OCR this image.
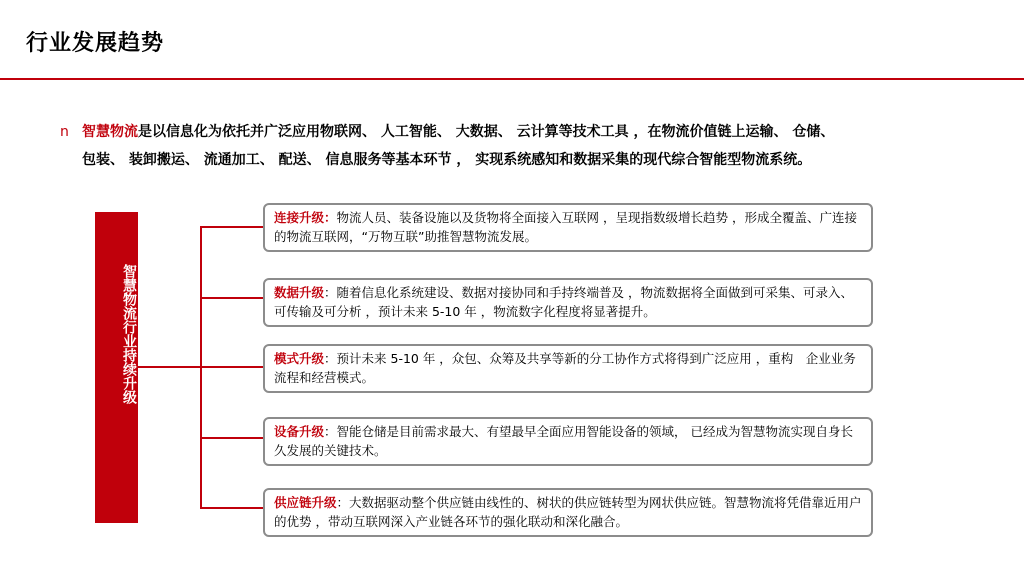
行业发展趋势
n 智慧物流是以信息化为依托并广泛应用物联网、 人工智能、 大数据、 云计算等技术工具 ，在物流价值链上运输、 仓储、
包装、 装卸搬运、 流通加工、 配送、 信息服务等基本环节 ， 实现系统感知和数据采集的现代综合智能型物流系统。
智慧物流行业持续升级
连接升级：物流人员、装备设施以及货物将全面接入互联网 ，呈现指数级增长趋势 ，形成全覆盖、广连接的物流互联网，“万物互联”助推智慧物流发展。
数据升级：随着信息化系统建设、数据对接协同和手持终端普及 ，物流数据将全面做到可采集、可录入、可传输及可分析 ，预计未来 5-10 年 ，物流数字化程度将显著提升。
模式升级：预计未来 5-10 年 ，众包、众筹及共享等新的分工协作方式将得到广泛应用 ，重构　企业业务流程和经营模式。
设备升级：智能仓储是目前需求最大、有望最早全面应用智能设备的领域， 已经成为智慧物流实现自身长久发展的关键技术。
供应链升级：大数据驱动整个供应链由线性的、树状的供应链转型为网状供应链。智慧物流将凭借靠近用户的优势 ，带动互联网深入产业链各环节的强化联动和深化融合。
